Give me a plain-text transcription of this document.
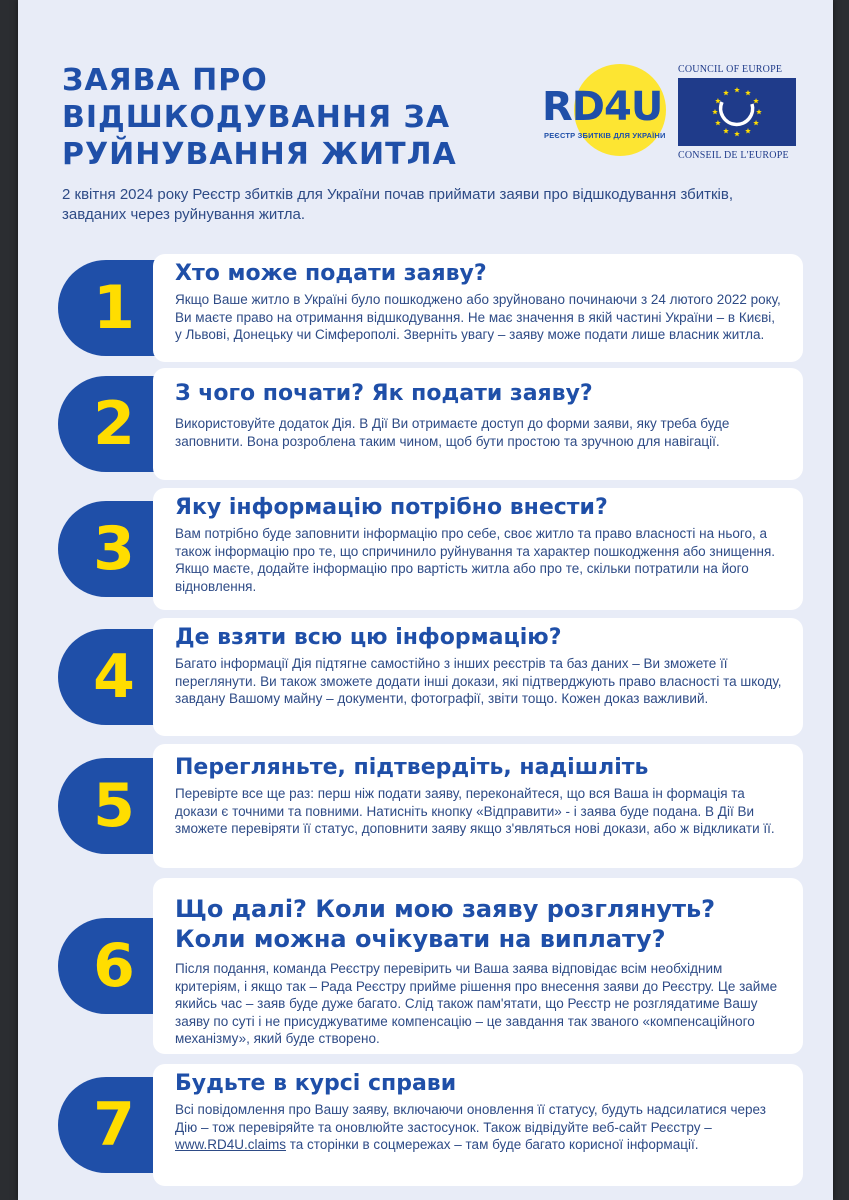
ЗАЯВА ПРО ВІДШКОДУВАННЯ ЗА РУЙНУВАННЯ ЖИТЛА
RD4U
РЕЄСТР ЗБИТКІВ ДЛЯ УКРАЇНИ
COUNCIL OF EUROPE
CONSEIL DE L'EUROPE

2 квітня 2024 року Реєстр збитків для України почав приймати заяви про відшкодування збитків, завданих через руйнування житла.

1	Хто може подати заяву?

Якщо Ваше житло в Україні було пошкоджено або зруйновано починаючи з 24 лютого 2022 року, Ви маєте право на отримання відшкодування. Не має значення в якій частині України – в Києві, у Львові, Донецьку чи Сімферополі. Зверніть увагу – заяву може подати лише власник житла.

2	З чого почати? Як подати заяву?

Використовуйте додаток Дія. В Дії Ви отримаєте доступ до форми заяви, яку треба буде заповнити. Вона розроблена таким чином, щоб бути простою та зручною для навігації.

3
Яку інформацію потрібно внести?

Вам потрібно буде заповнити інформацію про себе, своє житло та право власності на нього, а також інформацію про те, що спричинило руйнування та характер пошкодження або знищення. Якщо маєте, додайте інформацію про вартість житла або про те, скільки потратили на його відновлення.

4
Де взяти всю цю інформацію?

Багато інформації Дія підтягне самостійно з інших реєстрів та баз даних – Ви зможете її переглянути. Ви також зможете додати інші докази, які підтверджують право власності та шкоду, завдану Вашому майну – документи, фотографії, звіти тощо. Кожен доказ важливий.

5
Перегляньте, підтвердіть, надішліть

Перевірте все ще раз: перш ніж подати заяву, переконайтеся, що вся Ваша ін формація та докази є точними та повними. Натисніть кнопку «Відправити» - і заява буде подана. В Дії Ви зможете перевіряти її статус, доповнити заяву якщо з'являться нові докази, або ж відкликати її.

6
Що далі? Коли мою заяву розглянуть? Коли можна очікувати на виплату?

Після подання, команда Реєстру перевірить чи Ваша заява відповідає всім необхідним критеріям, і якщо так – Рада Реєстру прийме рішення про внесення заяви до Реєстру. Це займе якийсь час – заяв буде дуже багато. Слід також пам'ятати, що Реєстр не розглядатиме Вашу заяву по суті і не присуджуватиме компенсацію – це завдання так званого «компенсаційного механізму», який буде створено.

7
Будьте в курсі справи

Всі повідомлення про Вашу заяву, включаючи оновлення її статусу, будуть надсилатися через Дію – тож перевіряйте та оновлюйте застосунок. Також відвідуйте веб-сайт Реєстру – www.RD4U.claims та сторінки в соцмережах – там буде багато корисної інформації.
